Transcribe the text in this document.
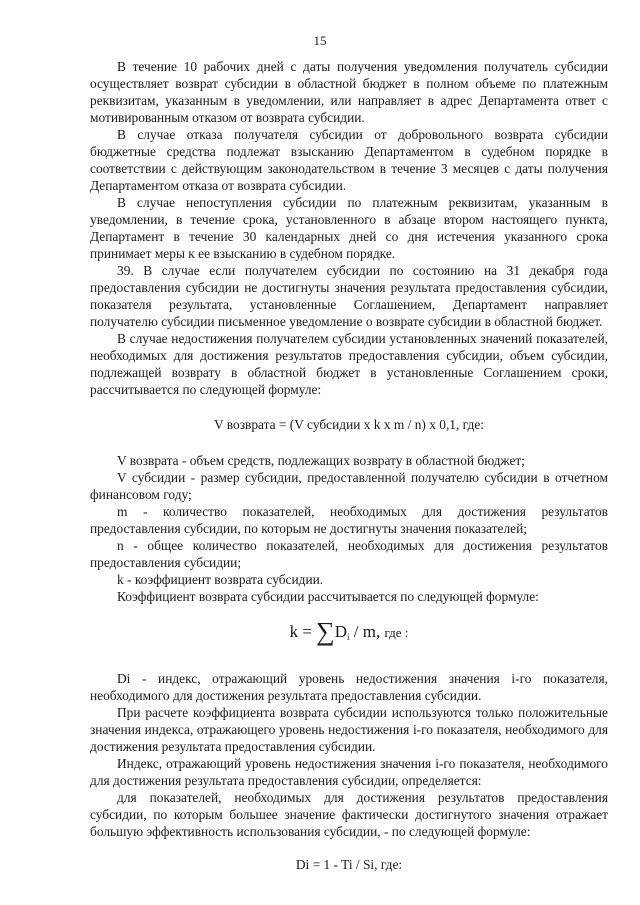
15

В течение 10 рабочих дней с даты получения уведомления получатель субсидии осуществляет возврат субсидии в областной бюджет в полном объеме по платежным реквизитам, указанным в уведомлении, или направляет в адрес Департамента ответ с мотивированным отказом от возврата субсидии.

В случае отказа получателя субсидии от добровольного возврата субсидии бюджетные средства подлежат взысканию Департаментом в судебном порядке в соответствии с действующим законодательством в течение 3 месяцев с даты получения Департаментом отказа от возврата субсидии.

В случае непоступления субсидии по платежным реквизитам, указанным в уведомлении, в течение срока, установленного в абзаце втором настоящего пункта, Департамент в течение 30 календарных дней со дня истечения указанного срока принимает меры к ее взысканию в судебном порядке.

39. В случае если получателем субсидии по состоянию на 31 декабря года предоставления субсидии не достигнуты значения результата предоставления субсидии, показателя результата, установленные Соглашением, Департамент направляет получателю субсидии письменное уведомление о возврате субсидии в областной бюджет.

В случае недостижения получателем субсидии установленных значений показателей, необходимых для достижения результатов предоставления субсидии, объем субсидии, подлежащей возврату в областной бюджет в установленные Соглашением сроки, рассчитывается по следующей формуле:

V возврата = (V субсидии x k x m / n) x 0,1, где:

V возврата - объем средств, подлежащих возврату в областной бюджет;

V субсидии - размер субсидии, предоставленной получателю субсидии в отчетном финансовом году;

m - количество показателей, необходимых для достижения результатов предоставления субсидии, по которым не достигнуты значения показателей;

n - общее количество показателей, необходимых для достижения результатов предоставления субсидии;

k - коэффициент возврата субсидии.

Коэффициент возврата субсидии рассчитывается по следующей формуле:

$k = \sum D_i / m$, где :

Di - индекс, отражающий уровень недостижения значения i-го показателя, необходимого для достижения результата предоставления субсидии.

При расчете коэффициента возврата субсидии используются только положительные значения индекса, отражающего уровень недостижения i-го показателя, необходимого для достижения результата предоставления субсидии.

Индекс, отражающий уровень недостижения значения i-го показателя, необходимого для достижения результата предоставления субсидии, определяется:

для показателей, необходимых для достижения результатов предоставления субсидии, по которым большее значение фактически достигнутого значения отражает большую эффективность использования субсидии, - по следующей формуле:

Di = 1 - Ti / Si, где:
